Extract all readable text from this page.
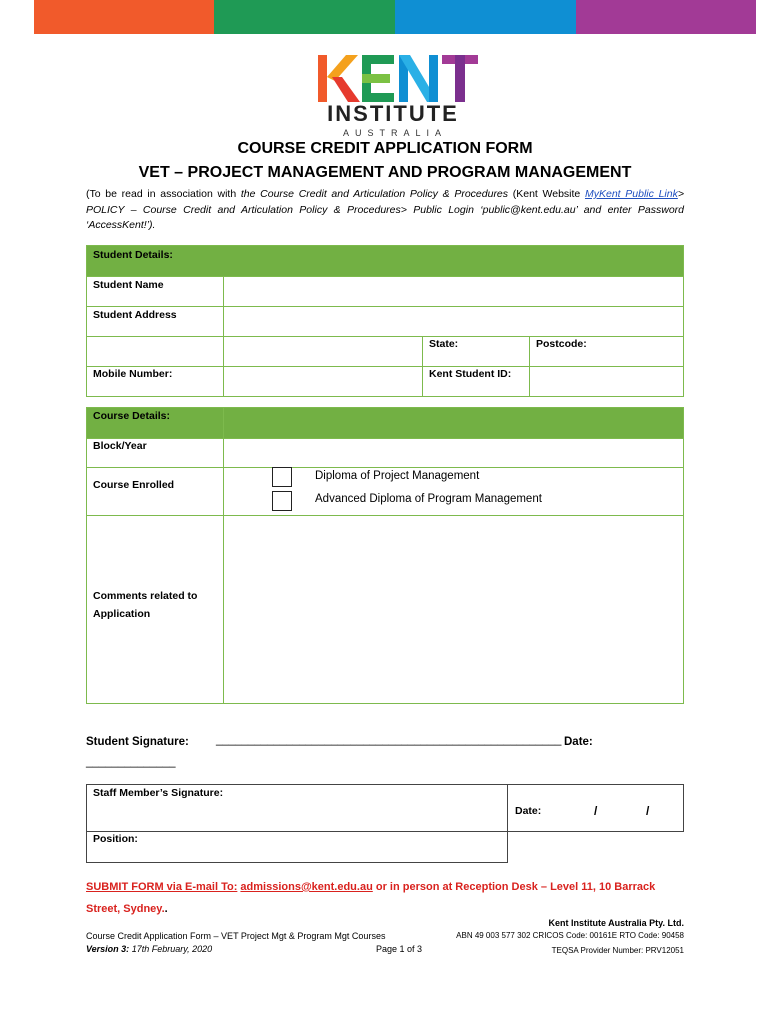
INSTITUTE
AUSTRALIA
COURSE CREDIT APPLICATION FORM
VET – PROJECT MANAGEMENT AND PROGRAM MANAGEMENT
(To be read in association with the Course Credit and Articulation Policy & Procedures (Kent Website MyKent Public Link> POLICY – Course Credit and Articulation Policy & Procedures> Public Login ‘public@kent.edu.au’ and enter Password ‘AccessKent!’).
Student Details:
Student Name
Student Address
State:	Postcode:
Mobile Number:	Kent Student ID:
Course Details:
Block/Year
Course Enrolled
Diploma of Project Management
Advanced Diploma of Program Management
Comments related to Application
Student Signature: ______________________________________________________ Date:
______________
Staff Member’s Signature:
Date:	/	/
Position:
SUBMIT FORM via E-mail To: admissions@kent.edu.au or in person at Reception Desk – Level 11, 10 Barrack Street, Sydney..
Course Credit Application Form – VET Project Mgt & Program Mgt Courses
Version 3: 17th February, 2020	Page 1 of 3
Kent Institute Australia Pty. Ltd.
ABN 49 003 577 302 CRICOS Code: 00161E RTO Code: 90458
TEQSA Provider Number: PRV12051
